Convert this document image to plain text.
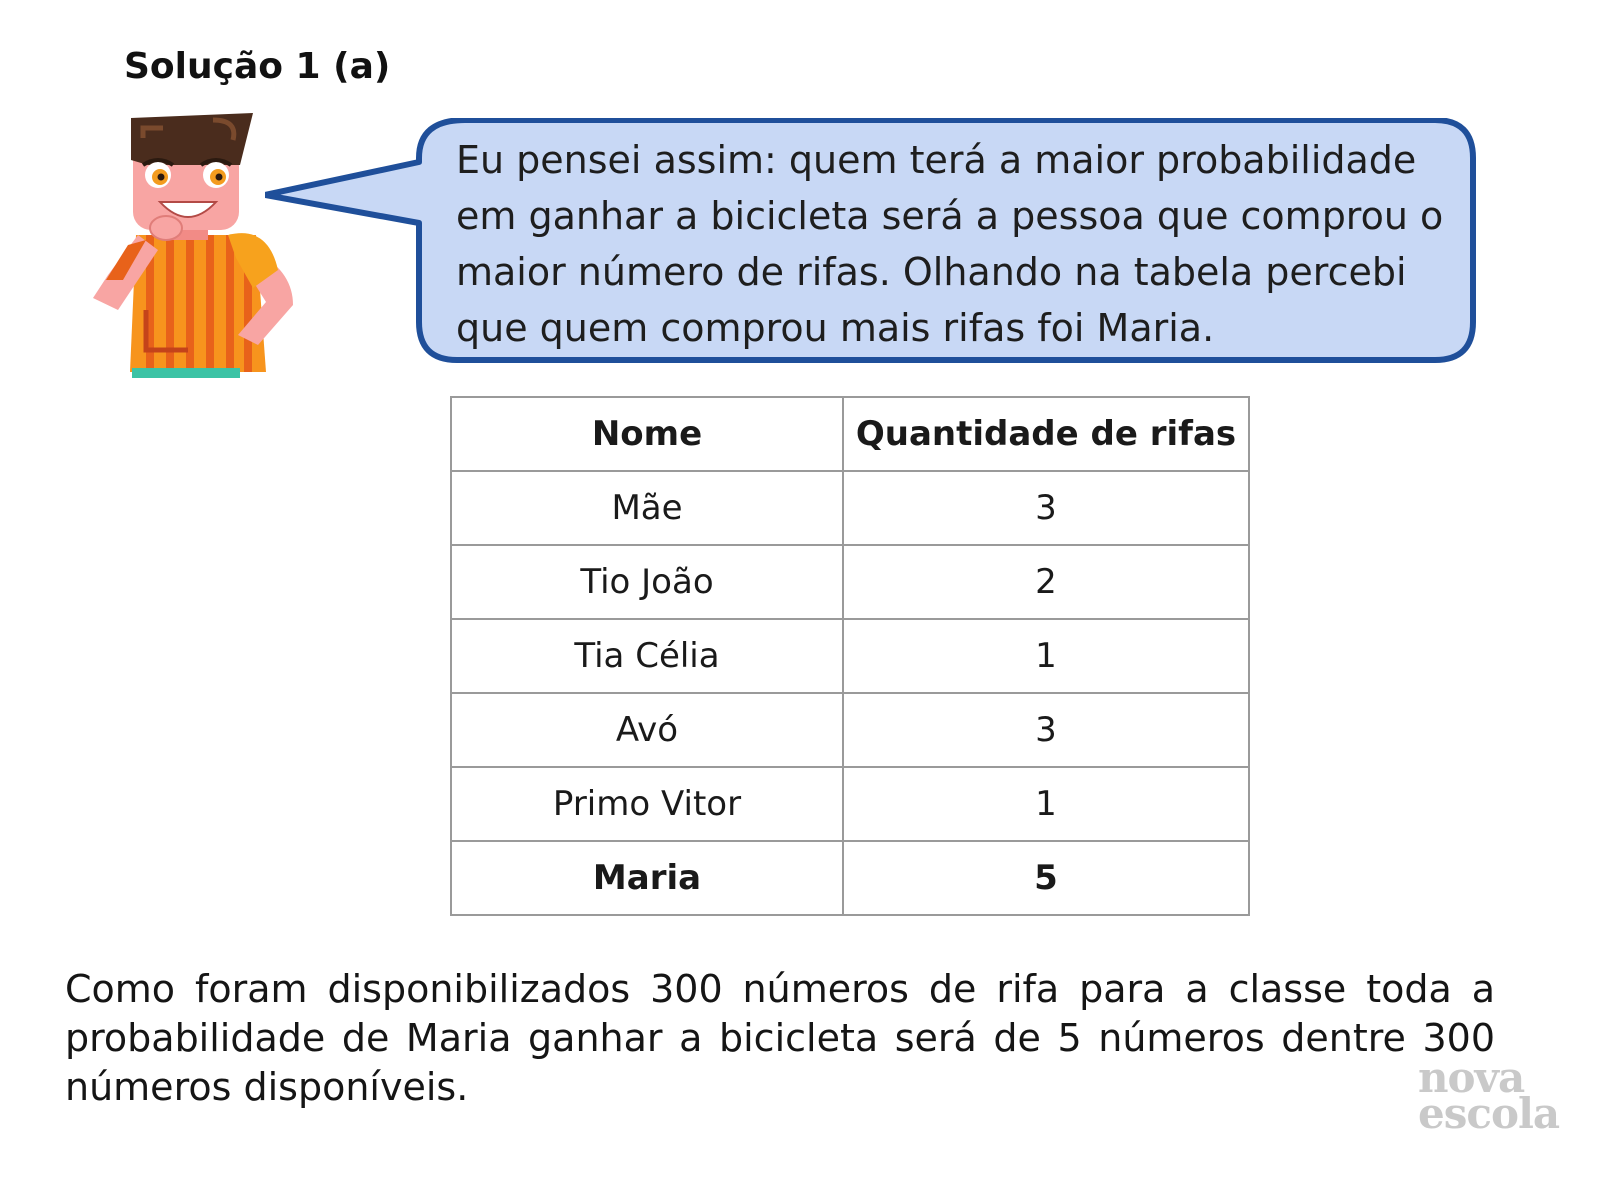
Solução 1 (a)
Eu pensei assim: quem terá a maior probabilidade em ganhar a bicicleta será a pessoa que comprou o maior número de rifas. Olhando na tabela percebi que quem comprou mais rifas foi Maria.
Nome	Quantidade de rifas
Mãe	3
Tio João	2
Tia Célia	1
Avó	3
Primo Vitor	1
Maria	5
Como foram disponibilizados 300 números de rifa para a classe toda a probabilidade de Maria ganhar a bicicleta será de 5 números dentre 300 números disponíveis.	nova
escola
